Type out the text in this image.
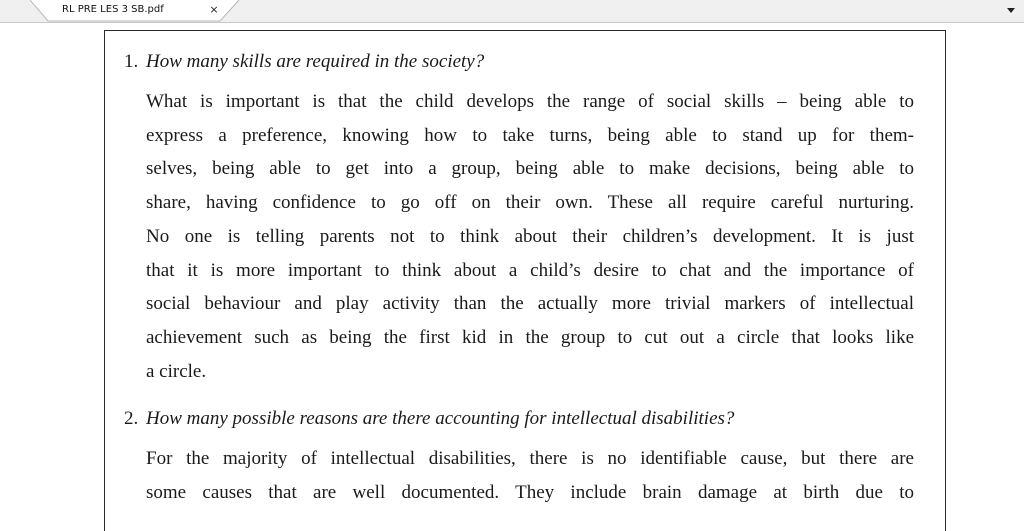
RL PRE LES 3 SB.pdf	×
1. How many skills are required in the society?
What is important is that the child develops the range of social skills – being able to
express a preference, knowing how to take turns, being able to stand up for them-
selves, being able to get into a group, being able to make decisions, being able to
share, having confidence to go off on their own. These all require careful nurturing.
No one is telling parents not to think about their children’s development. It is just
that it is more important to think about a child’s desire to chat and the importance of
social behaviour and play activity than the actually more trivial markers of intellectual
achievement such as being the first kid in the group to cut out a circle that looks like
a circle.
2. How many possible reasons are there accounting for intellectual disabilities?
For the majority of intellectual disabilities, there is no identifiable cause, but there are
some causes that are well documented. They include brain damage at birth due to
